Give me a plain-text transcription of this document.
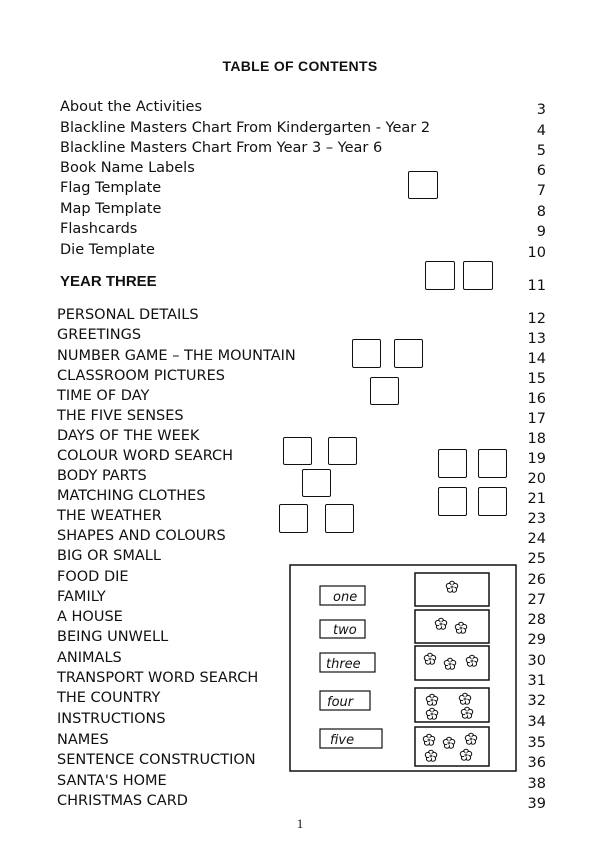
TABLE OF CONTENTS
About the Activities	3
Blackline Masters Chart From Kindergarten - Year 2	4
Blackline Masters Chart From Year 3 – Year 6	5
Book Name Labels	6
Flag Template	7
Map Template	8
Flashcards	9
Die Template	10
YEAR THREE	11
PERSONAL DETAILS	12
GREETINGS	13
NUMBER GAME – THE MOUNTAIN	14
CLASSROOM PICTURES	15
TIME OF DAY	16
THE FIVE SENSES	17
DAYS OF THE WEEK	18
COLOUR WORD SEARCH	19
BODY PARTS	20
MATCHING CLOTHES	21
THE WEATHER	23
SHAPES AND COLOURS	24
BIG OR SMALL	25
FOOD DIE	26
FAMILY	27
A HOUSE	28
BEING UNWELL	29
ANIMALS	30
TRANSPORT WORD SEARCH	31
THE COUNTRY	32
INSTRUCTIONS	34
NAMES	35
SENTENCE CONSTRUCTION	36
SANTA'S HOME	38
CHRISTMAS CARD	39
one
two
three
four
five
1
